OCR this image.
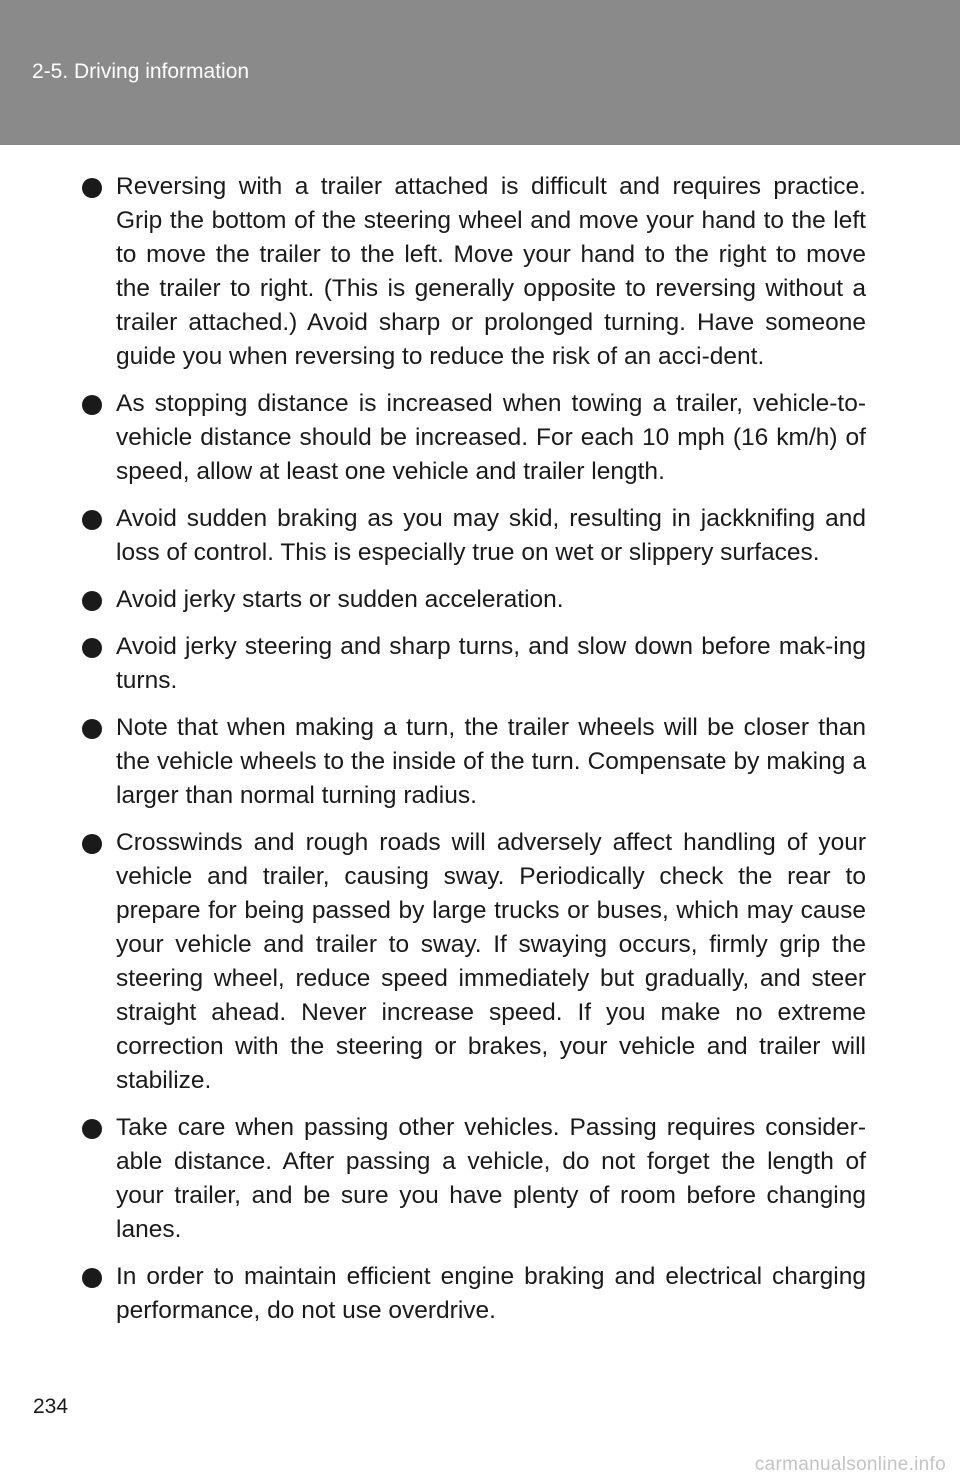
2-5. Driving information
Reversing with a trailer attached is difficult and requires practice. Grip the bottom of the steering wheel and move your hand to the left to move the trailer to the left. Move your hand to the right to move the trailer to right. (This is generally opposite to reversing without a trailer attached.) Avoid sharp or prolonged turning. Have someone guide you when reversing to reduce the risk of an acci-dent.
As stopping distance is increased when towing a trailer, vehicle-to-vehicle distance should be increased. For each 10 mph (16 km/h) of speed, allow at least one vehicle and trailer length.
Avoid sudden braking as you may skid, resulting in jackknifing and loss of control. This is especially true on wet or slippery surfaces.
Avoid jerky starts or sudden acceleration.
Avoid jerky steering and sharp turns, and slow down before mak-ing turns.
Note that when making a turn, the trailer wheels will be closer than the vehicle wheels to the inside of the turn. Compensate by making a larger than normal turning radius.
Crosswinds and rough roads will adversely affect handling of your vehicle and trailer, causing sway. Periodically check the rear to prepare for being passed by large trucks or buses, which may cause your vehicle and trailer to sway. If swaying occurs, firmly grip the steering wheel, reduce speed immediately but gradually, and steer straight ahead. Never increase speed. If you make no extreme correction with the steering or brakes, your vehicle and trailer will stabilize.
Take care when passing other vehicles. Passing requires consider-able distance. After passing a vehicle, do not forget the length of your trailer, and be sure you have plenty of room before changing lanes.
In order to maintain efficient engine braking and electrical charging performance, do not use overdrive.
234
carmanualsonline.info
